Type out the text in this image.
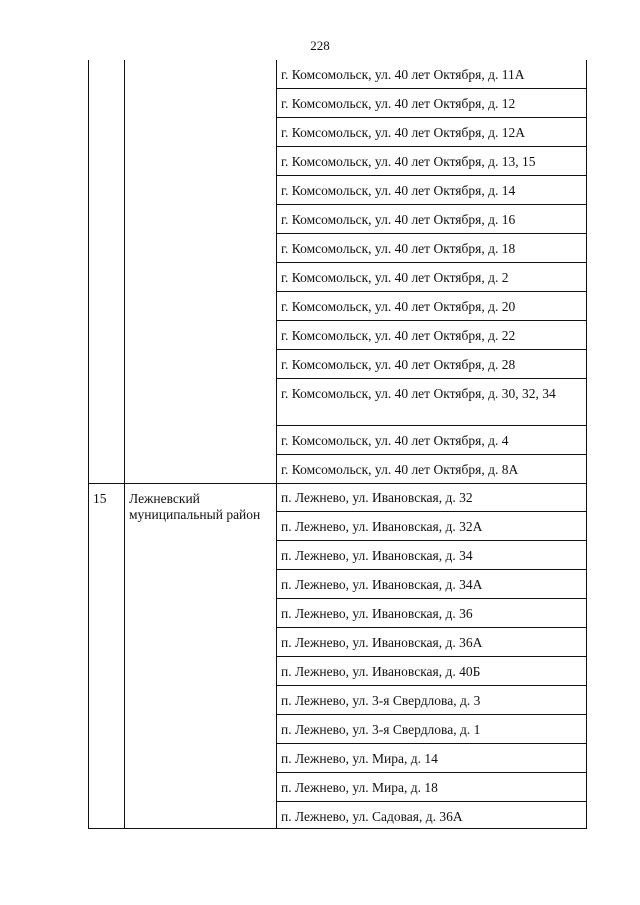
228
г. Комсомольск, ул. 40 лет Октября, д. 11А
г. Комсомольск, ул. 40 лет Октября, д. 12
г. Комсомольск, ул. 40 лет Октября, д. 12А
г. Комсомольск, ул. 40 лет Октября, д. 13, 15
г. Комсомольск, ул. 40 лет Октября, д. 14
г. Комсомольск, ул. 40 лет Октября, д. 16
г. Комсомольск, ул. 40 лет Октября, д. 18
г. Комсомольск, ул. 40 лет Октября, д. 2
г. Комсомольск, ул. 40 лет Октября, д. 20
г. Комсомольск, ул. 40 лет Октября, д. 22
г. Комсомольск, ул. 40 лет Октября, д. 28
г. Комсомольск, ул. 40 лет Октября, д. 30, 32, 34
г. Комсомольск, ул. 40 лет Октября, д. 4
г. Комсомольск, ул. 40 лет Октября, д. 8А
15 Лежневский муниципальный район
п. Лежнево, ул. Ивановская, д. 32
п. Лежнево, ул. Ивановская, д. 32А
п. Лежнево, ул. Ивановская, д. 34
п. Лежнево, ул. Ивановская, д. 34А
п. Лежнево, ул. Ивановская, д. 36
п. Лежнево, ул. Ивановская, д. 36А
п. Лежнево, ул. Ивановская, д. 40Б
п. Лежнево, ул. 3-я Свердлова, д. 3
п. Лежнево, ул. 3-я Свердлова, д. 1
п. Лежнево, ул. Мира, д. 14
п. Лежнево, ул. Мира, д. 18
п. Лежнево, ул. Садовая, д. 36А
